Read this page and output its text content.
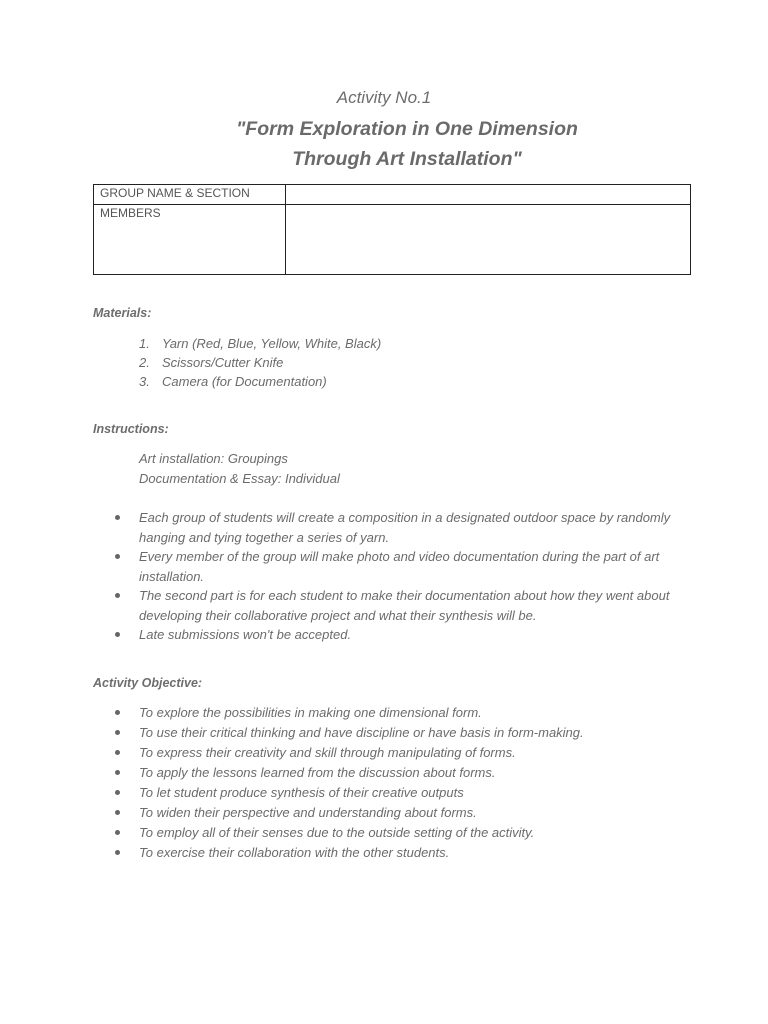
Activity No.1
"Form Exploration in One Dimension
Through Art Installation"
GROUP NAME & SECTION	
MEMBERS	
Materials:
1. Yarn (Red, Blue, Yellow, White, Black)
2. Scissors/Cutter Knife
3. Camera (for Documentation)
Instructions:
Art installation: Groupings
Documentation & Essay: Individual
Each group of students will create a composition in a designated outdoor space by randomly hanging and tying together a series of yarn.
Every member of the group will make photo and video documentation during the part of art installation.
The second part is for each student to make their documentation about how they went about developing their collaborative project and what their synthesis will be.
Late submissions won't be accepted.
Activity Objective:
To explore the possibilities in making one dimensional form.
To use their critical thinking and have discipline or have basis in form-making.
To express their creativity and skill through manipulating of forms.
To apply the lessons learned from the discussion about forms.
To let student produce synthesis of their creative outputs
To widen their perspective and understanding about forms.
To employ all of their senses due to the outside setting of the activity.
To exercise their collaboration with the other students.
